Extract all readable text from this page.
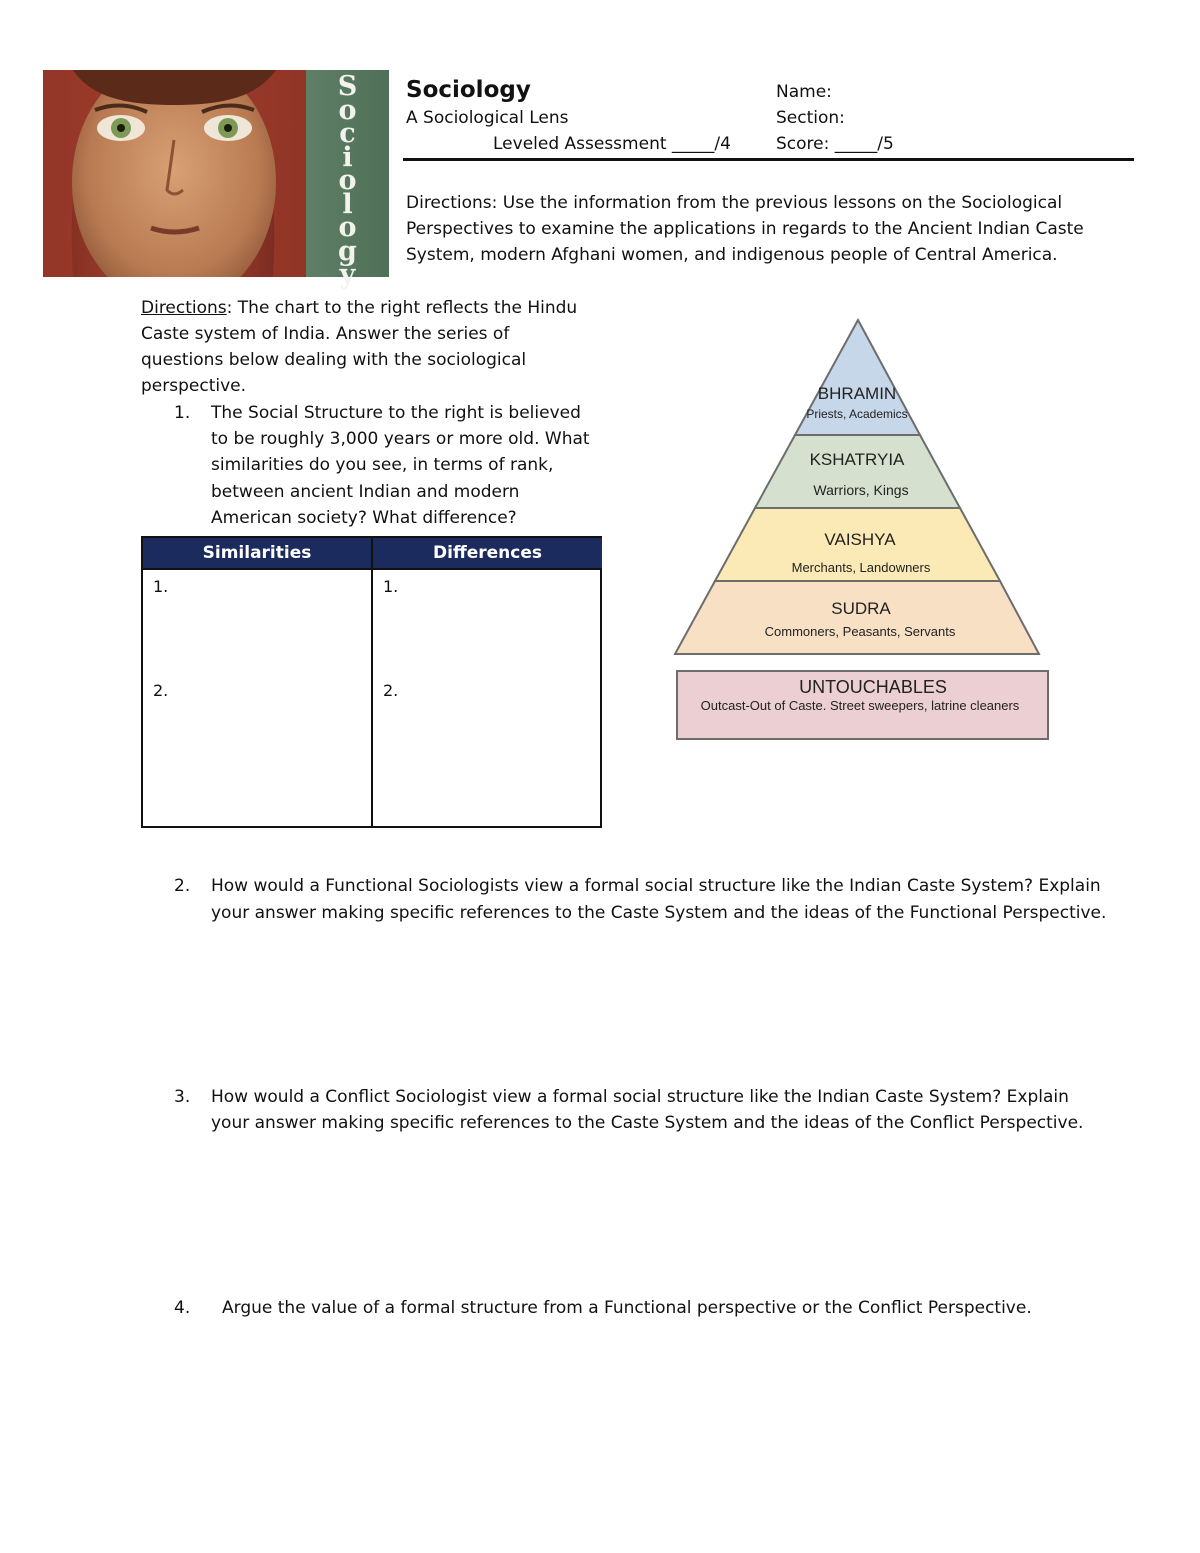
S
o
c
i
o
l
o
g
y
Sociology
A Sociological Lens
Leveled Assessment _____/4
Name:
Section:
Score: _____/5
Directions: Use the information from the previous lessons on the Sociological Perspectives to examine the applications in regards to the Ancient Indian Caste System, modern Afghani women, and indigenous people of Central America.
Directions: The chart to the right reflects the Hindu Caste system of India. Answer the series of questions below dealing with the sociological perspective.
1. The Social Structure to the right is believed to be roughly 3,000 years or more old. What similarities do you see, in terms of rank, between ancient Indian and modern American society? What difference?
Similarities	Differences
1.	1.
2.	2.
BHRAMIN
Priests, Academics
KSHATRYIA
Warriors, Kings
VAISHYA
Merchants, Landowners
SUDRA
Commoners, Peasants, Servants
UNTOUCHABLES
Outcast-Out of Caste. Street sweepers, latrine cleaners
2. How would a Functional Sociologists view a formal social structure like the Indian Caste System? Explain
your answer making specific references to the Caste System and the ideas of the Functional Perspective.
3. How would a Conflict Sociologist view a formal social structure like the Indian Caste System? Explain
your answer making specific references to the Caste System and the ideas of the Conflict Perspective.
4. Argue the value of a formal structure from a Functional perspective or the Conflict Perspective.
